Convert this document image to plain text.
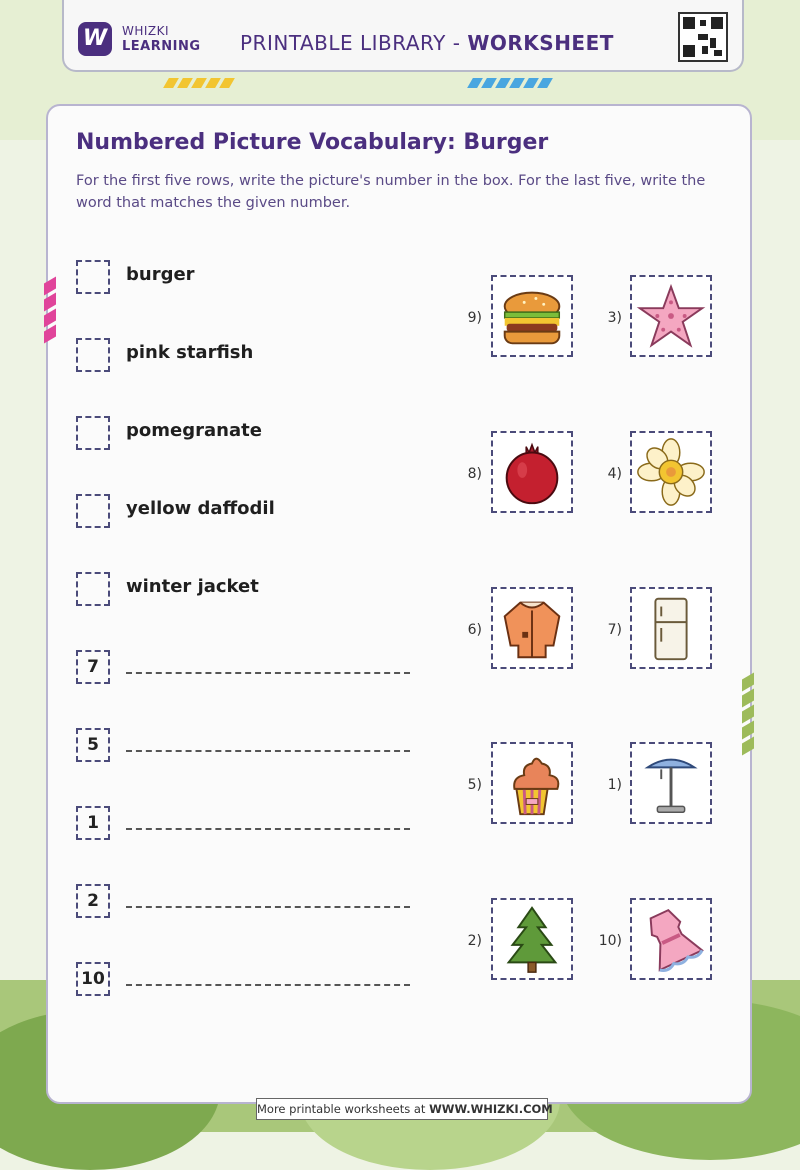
W	WHIZKI
LEARNING PRINTABLE LIBRARY - WORKSHEET
Numbered Picture Vocabulary: Burger
For the first five rows, write the picture's number in the box. For the last five, write the word that matches the given number.
burger
pink starfish
pomegranate
yellow daffodil
winter jacket
7
5
1
2
10
9)	3)
8)	4)
6)	7)
5)	1)
2)	10)
More printable worksheets at WWW.WHIZKI.COM
